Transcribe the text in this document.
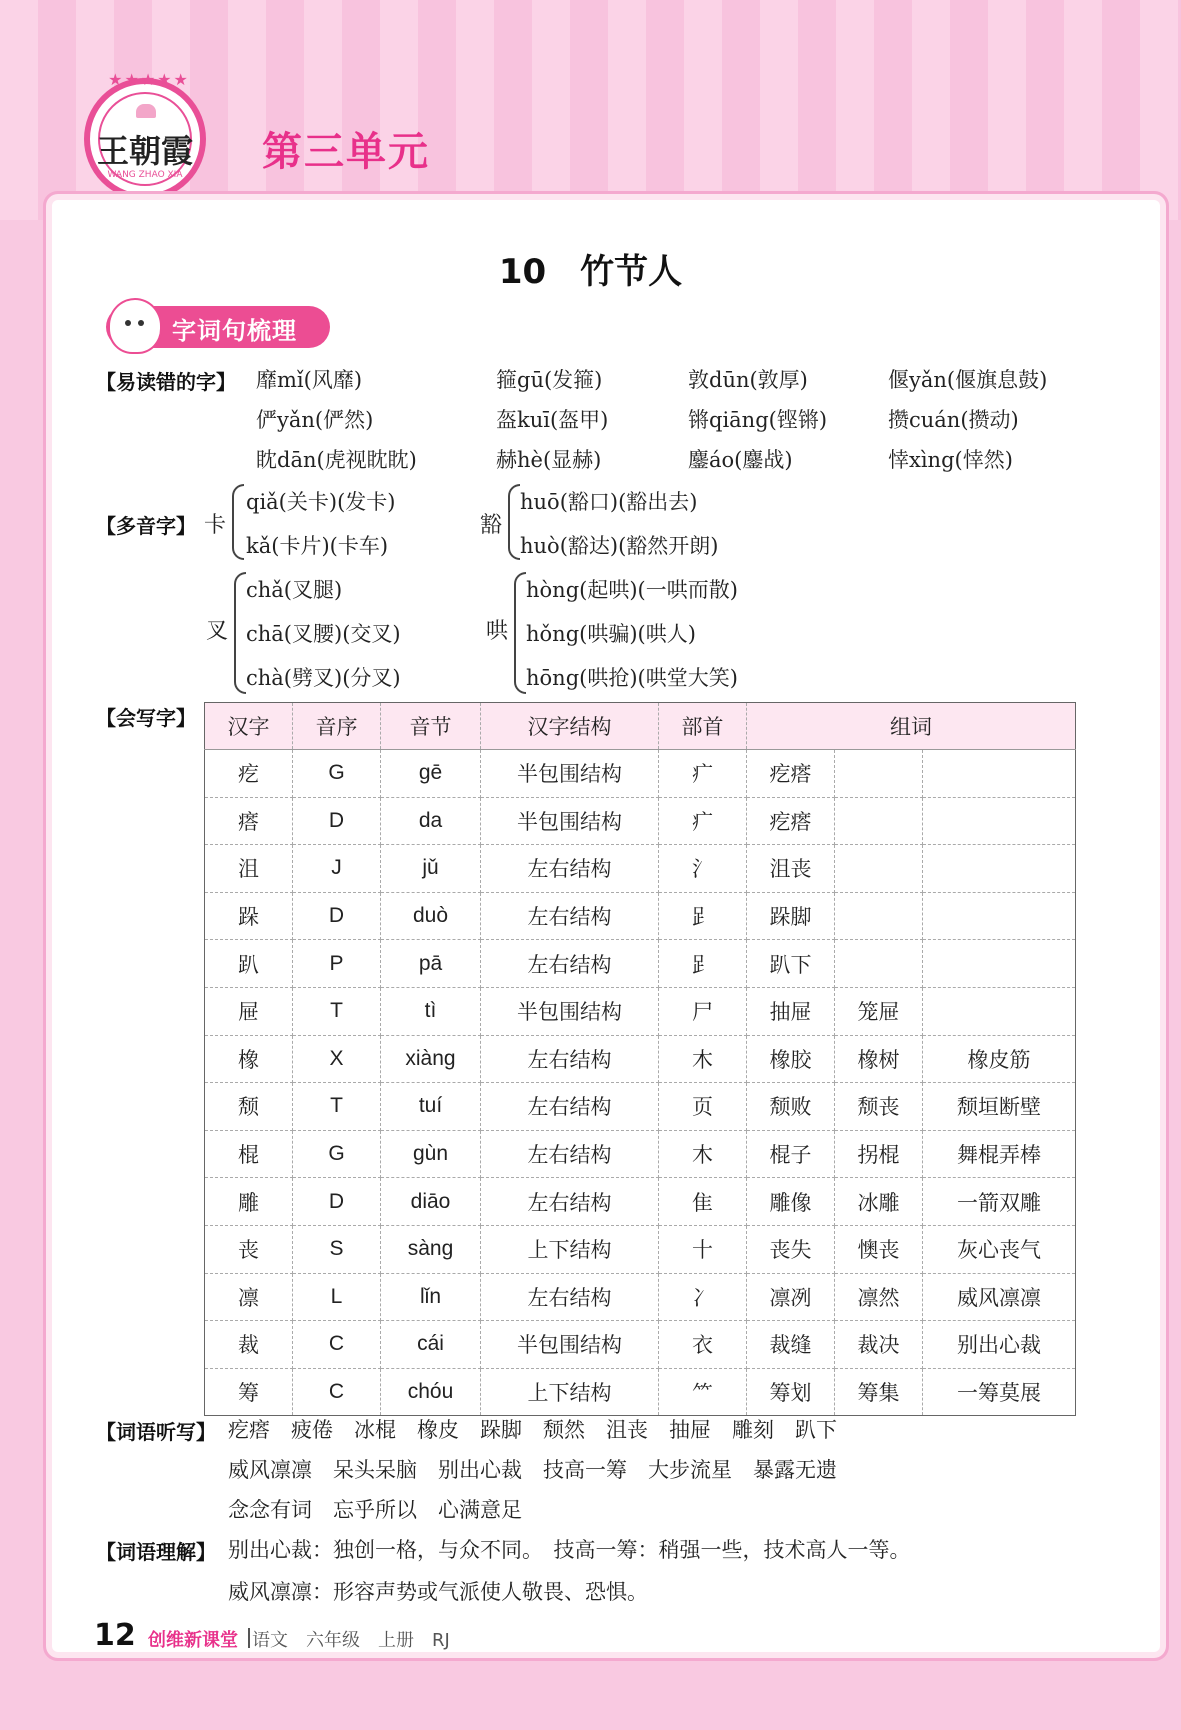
★★★★★
王朝霞
WANG ZHAO XIA	第三单元
10　竹节人
字词句梳理
【易读错的字】 靡mǐ(风靡)	箍gū(发箍)	敦dūn(敦厚)	偃yǎn(偃旗息鼓)
俨yǎn(俨然)	盔kuī(盔甲)	锵qiāng(铿锵)	攒cuán(攒动)
眈dān(虎视眈眈)	赫hè(显赫)	鏖áo(鏖战)	悻xìng(悻然)
【多音字】 卡
qiǎ(关卡)(发卡)
kǎ(卡片)(卡车)
豁
huō(豁口)(豁出去)
huò(豁达)(豁然开朗)
叉
chǎ(叉腿)
chā(叉腰)(交叉)
chà(劈叉)(分叉)
哄
hòng(起哄)(一哄而散)
hǒng(哄骗)(哄人)
hōng(哄抢)(哄堂大笑)
【会写字】 汉字	音序	音节	汉字结构	部首	组词		
疙	G	gē	半包围结构	疒	疙瘩		
瘩	D	da	半包围结构	疒	疙瘩		
沮	J	jǔ	左右结构	氵	沮丧		
跺	D	duò	左右结构	𧾷	跺脚		
趴	P	pā	左右结构	𧾷	趴下		
屉	T	tì	半包围结构	尸	抽屉	笼屉	
橡	X	xiàng	左右结构	木	橡胶	橡树	橡皮筋
颓	T	tuí	左右结构	页	颓败	颓丧	颓垣断壁
棍	G	gùn	左右结构	木	棍子	拐棍	舞棍弄棒
雕	D	diāo	左右结构	隹	雕像	冰雕	一箭双雕
丧	S	sàng	上下结构	十	丧失	懊丧	灰心丧气
凛	L	lǐn	左右结构	冫	凛冽	凛然	威风凛凛
裁	C	cái	半包围结构	衣	裁缝	裁决	别出心裁
筹	C	chóu	上下结构	⺮	筹划	筹集	一筹莫展
【词语听写】 疙瘩　疲倦　冰棍　橡皮　跺脚　颓然　沮丧　抽屉　雕刻　趴下
威风凛凛　呆头呆脑　别出心裁　技高一筹　大步流星　暴露无遗
念念有词　忘乎所以　心满意足
【词语理解】 别出心裁：独创一格，与众不同。　技高一筹：稍强一些，技术高人一等。
威风凛凛：形容声势或气派使人敬畏、恐惧。
12 创维新课堂 语文　六年级　上册　RJ
